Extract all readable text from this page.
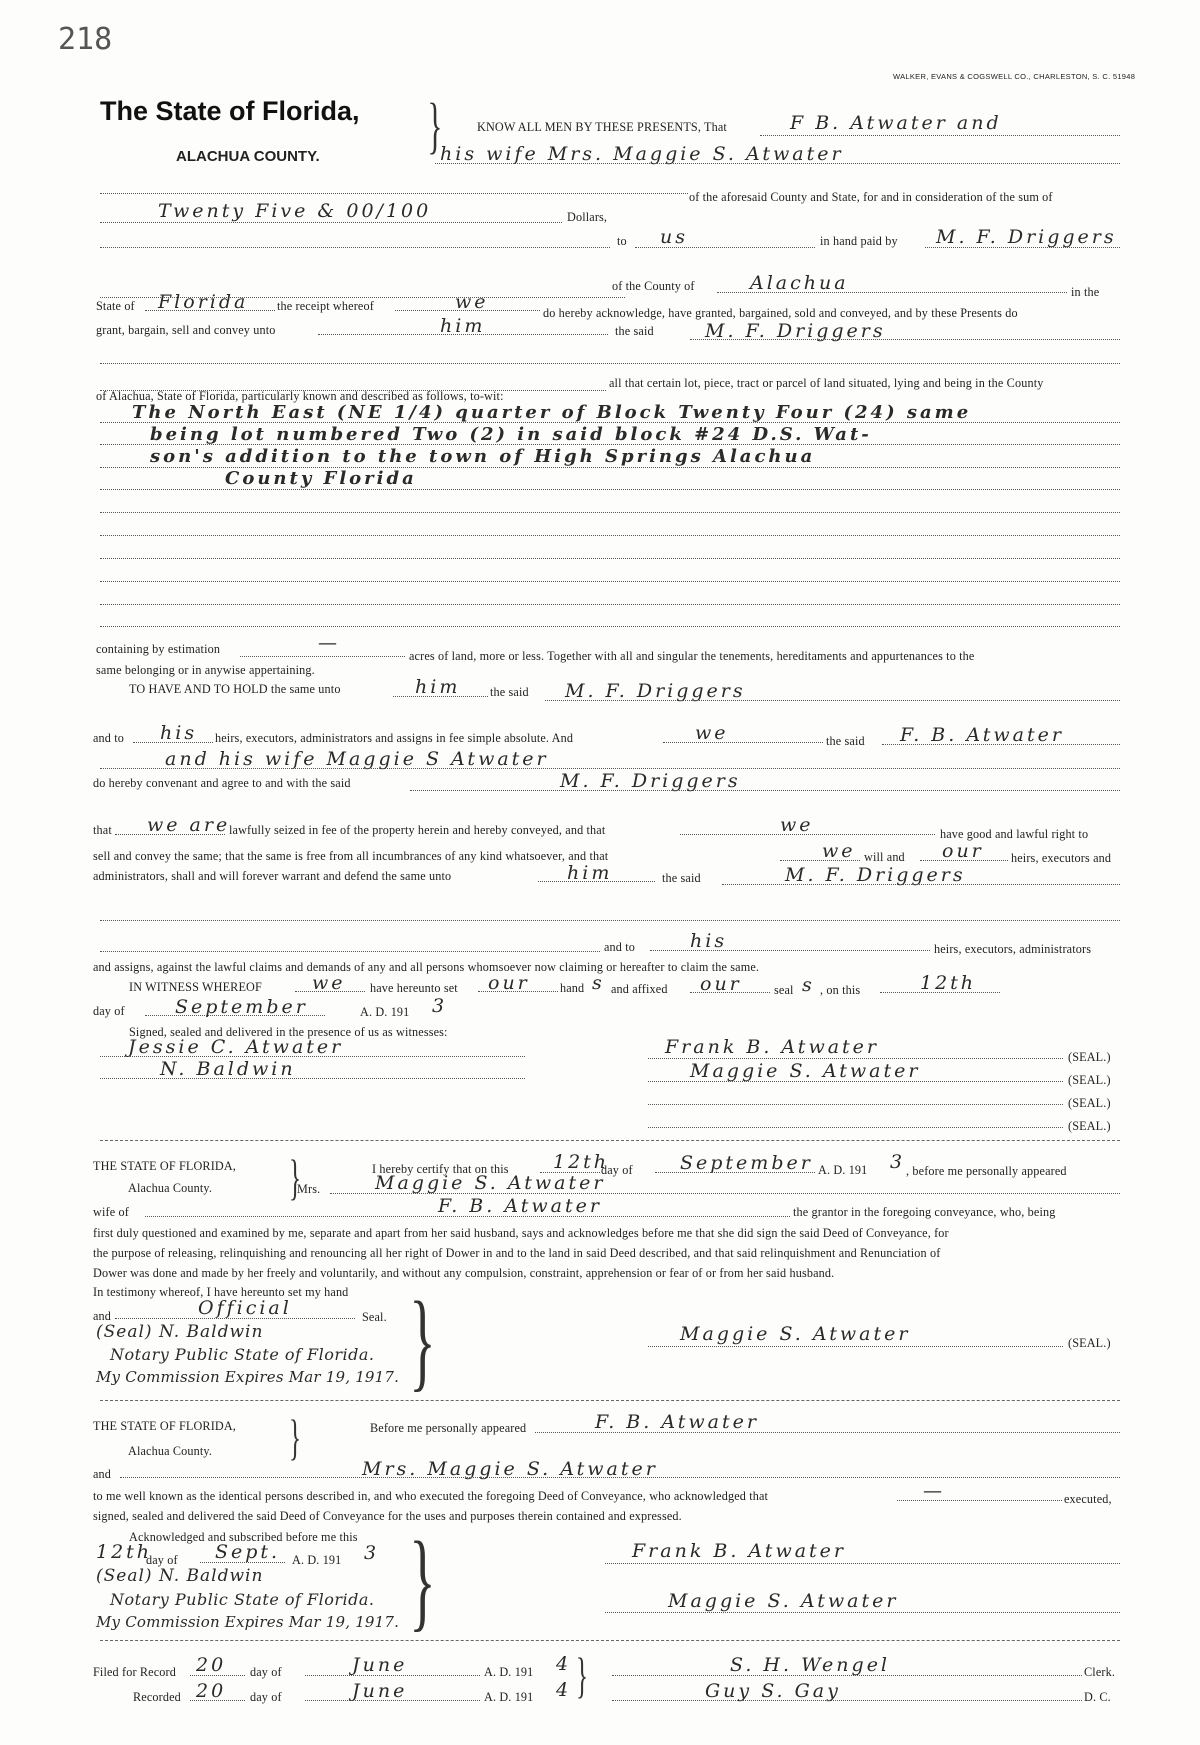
218
WALKER, EVANS & COGSWELL CO., CHARLESTON, S. C. 51948
The State of Florida,
ALACHUA COUNTY. }	KNOW ALL MEN BY THESE PRESENTS, That	F B. Atwater and
his wife Mrs. Maggie S. Atwater
of the aforesaid County and State, for and in consideration of the sum of
Twenty Five & 00/100	Dollars,
to us	in hand paid by M. F. Driggers
of the County of	Alachua	in the
State of Florida the receipt whereof	we	do hereby acknowledge, have granted, bargained, sold and conveyed, and by these Presents do
grant, bargain, sell and convey unto	him	the said	M. F. Driggers
all that certain lot, piece, tract or parcel of land situated, lying and being in the County
of Alachua, State of Florida, particularly known and described as follows, to-wit:
The North East (NE 1/4) quarter of Block Twenty Four (24) same
being lot numbered Two (2) in said block #24 D.S. Wat-
son's addition to the town of High Springs Alachua
County Florida
containing by estimation	—
acres of land, more or less. Together with all and singular the tenements, hereditaments and appurtenances to the
same belonging or in anywise appertaining.
TO HAVE AND TO HOLD the same unto	him the said M. F. Driggers
and to his heirs, executors, administrators and assigns in fee simple absolute. And	we	the said F. B. Atwater
and his wife Maggie S Atwater
do hereby convenant and agree to and with the said	M. F. Driggers
that we are
lawfully seized in fee of the property herein and hereby conveyed, and that	we	have good and lawful right to
sell and convey the same; that the same is free from all incumbrances of any kind whatsoever, and that	we will and our heirs, executors and
administrators, shall and will forever warrant and defend the same unto	him	the said	M. F. Driggers
and to	his	heirs, executors, administrators
and assigns, against the lawful claims and demands of any and all persons whomsoever now claiming or hereafter to claim the same.
IN WITNESS WHEREOF	we have hereunto set our hand s and affixed our	seal s , on this	12th
day of	September	A. D. 191 3
Signed, sealed and delivered in the presence of us as witnesses:
Jessie C. Atwater
N. Baldwin
Frank B. Atwater	(SEAL.)
Maggie S. Atwater	(SEAL.)
(SEAL.)
(SEAL.)
THE STATE OF FLORIDA,
Alachua County. }	I hereby certify that on this 12th
day of September A. D. 191 3 , before me personally appeared
Mrs.	Maggie S. Atwater
wife of	F. B. Atwater	the grantor in the foregoing conveyance, who, being
first duly questioned and examined by me, separate and apart from her said husband, says and acknowledges before me that she did sign the said Deed of Conveyance, for
the purpose of releasing, relinquishing and renouncing all her right of Dower in and to the land in said Deed described, and that said relinquishment and Renunciation of
Dower was done and made by her freely and voluntarily, and without any compulsion, constraint, apprehension or fear of or from her said husband.
In testimony whereof, I have hereunto set my hand }
and	Official	Seal.
(Seal) N. Baldwin
Notary Public State of Florida.
My Commission Expires Mar 19, 1917.
Maggie S. Atwater	(SEAL.)
THE STATE OF FLORIDA,
Alachua County. }	Before me personally appeared	F. B. Atwater
and	Mrs. Maggie S. Atwater
to me well known as the identical persons described in, and who executed the foregoing Deed of Conveyance, who acknowledged that	—	executed,
signed, sealed and delivered the said Deed of Conveyance for the uses and purposes therein contained and expressed.
Acknowledged and subscribed before me this }
12th
day of Sept. A. D. 191 3
(Seal) N. Baldwin
Notary Public State of Florida.
My Commission Expires Mar 19, 1917.
Frank B. Atwater
Maggie S. Atwater
Filed for Record 20 day of	June	A. D. 191 4	S. H. Wengel	Clerk.
Recorded 20 day of	June	A. D. 191 4 }	Guy S. Gay	D. C.
